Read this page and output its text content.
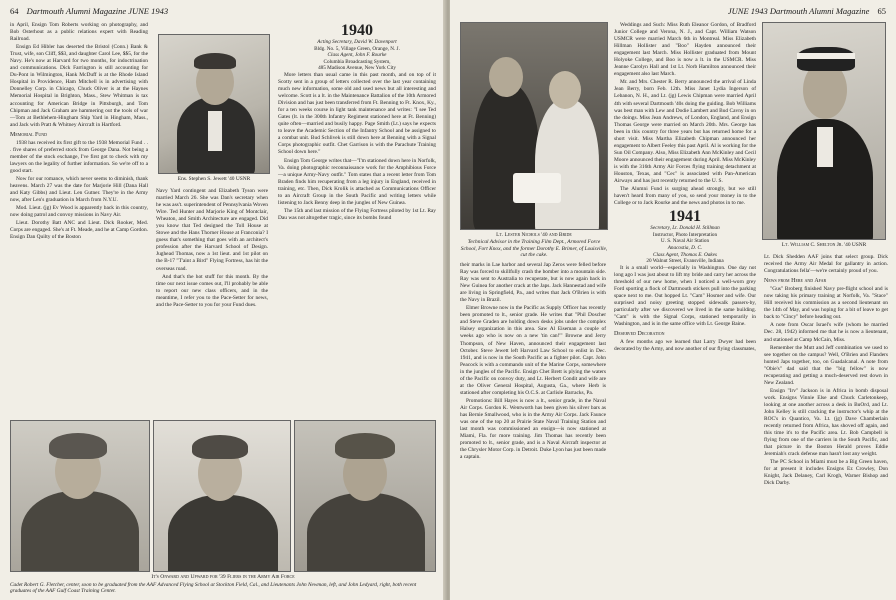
64 Dartmouth Alumni Magazine JUNE 1943

in April, Ensign Tom Roberts working on photography, and Bob Osterhout as a public relations expert with Reading Railroad.

Ensign Ed Hibler has deserted the Bristol (Conn.) Bank & Trust, wife, son Cliff, $$3, and daughter Carol Lee, $$5, for the Navy. He's now at Harvard for two months, for indoctrination and communications. Dick Farrington is still accounting for Du-Pont in Wilmington, Hank McDuff is at the Rhode Island Hospital in Providence, Ham Mitchell is in advertising with Donnelley Corp. in Chicago, Chuck Oliver is at the Haynes Memorial Hospital in Brighton, Mass., Stew Whitman is tax accounting for American Bridge in Pittsburgh, and Tom Chipman and Jack Graham are hammering out the tools of war—Tom at Bethlehem-Hingham Ship Yard in Hingham, Mass., and Jack with Pratt & Whitney Aircraft in Hartford.

Memorial Fund

1938 has received its first gift to the 1938 Memorial Fund . . . five shares of preferred stock from George Dana. Not being a member of the stock exchange, I've first got to check with my lawyers on the legality of further information. So we're off to a good start.

Now for our romance, which never seems to diminish, thank heavens. March 27 was the date for Marjorie Hill (Dana Hall and Katy Gibbs) and Lieut. Len Gutner. They're in the Army now, after Len's graduation in March from N.Y.U.

Mod. Lieut. (jg) Ev Wood is apparently back in this country, now doing patrol and convoy missions in Navy Air.

Lieut. Dorothy Batt ANC and Lieut. Dick Rooker, Med. Corps are engaged. She's at Ft. Meade, and he at Camp Gordon. Ensign Dan Quilty of the Boston

Ens. Stephen S. Jewett '40 USNR

Navy Yard contingent and Elizabeth Tyson were married March 26. She was Dan's secretary when he was ass't. superintendent of Pennsylvania Woven Wire. Ted Hunter and Marjorie King of Montclair, Wheaton, and Smith Architecture are engaged. Did you know that Ted designed the Toll House at Stowe and the Hans Thorner House at Franconia? I guess that's something that goes with an architect's profession after the Harvard School of Design. Jughead Thomas, now a 1st lieut. and 1st pilot on the B-17 "T'aint a Bird" Flying Fortress, has hit the overseas road.

And that's the hot stuff for this month. By the time our next issue comes out, I'll probably be able to report our new class officers, and in the meantime, I refer you to the Pace-Setter for news, and the Pace-Setter to you for your Fund dues.

1940
Acting Secretary, David W. Davenport
Bldg. No. 5, Village Green, Orange, N. J.
Class Agent, John F. Rourke
Columbia Broadcasting System,
485 Madison Avenue, New York City

More letters than usual came in this past month, and on top of it Scotty sent in a group of letters collected over the last year containing much new information, some old and used news but all interesting and welcome. Scott is a lt. in the Maintenance Battalion of the 10th Armored Division and has just been transferred from Ft. Benning to Ft. Knox, Ky., for a ten weeks course in light tank maintenance and writes: "I see Ted Gates (lt. in the 300th Infantry Regiment stationed here at Ft. Benning) quite often—married and busily happy. Page Smith (Lt.) says he expects to leave the Academic Section of the Infantry School and be assigned to a combat unit. Bud Schlivek is still down here at Benning with a Signal Corps photographic outfit. Chet Garrison is with the Parachute Training School down here."

Ensign Tom George writes that—"I'm stationed down here in Norfolk, Va. doing photographic reconnaissance work for the Amphibious Force—a unique Army-Navy outfit." Tom states that a recent letter from Tom Braden finds him recuperating from a leg injury in England, received in training, etc. Then, Dick Krolik is attached as Communications Officer to an Aircraft Group in the South Pacific and writing letters while listening to Jack Benny deep in the jungles of New Guinea.

The 15th and last mission of the Flying Fortress piloted by 1st Lt. Ray Dau was not altogether tragic, since its bombs found

It's Onward and Upward for '39 Fliers in the Army Air Force
Cadet Robert G. Fletcher, center, soon to be graduated from the AAF Advanced Flying School at Stockton Field, Cal., and Lieutenants John Newman, left, and John Ledyard, right, both recent graduates of the AAF Gulf Coast Training Center.
JUNE 1943 Dartmouth Alumni Magazine 65
Lt. Lester Nichols '40 and Bride
Technical Advisor in the Training Film Dept., Armored Force School, Fort Knox, and the former Dorothy E. Brimer, of Louisville, cut the cake.

their marks in Lae harbor and several Jap Zeros were felled before Ray was forced to skillfully crash the bomber into a mountain side. Ray was sent to Australia to recuperate, but is now again back in New Guinea for another crack at the Japs. Jack Hannestad and wife are living in Springfield, Pa., and writes that Jack O'Brien is with the Navy in Brazil.

Elmer Browne now in the Pacific as Supply Officer has recently been promoted to lt., senior grade. He writes that "Phil Doscher and Steve Graden are holding down desks jobs under the complex Halsey organization in this area. Saw Al Eiseman a couple of weeks ago who is now on a new 'tin can!'" Browne and Jerry Thompson, of New Haven, announced their engagement last October. Steve Jewett left Harvard Law School to enlist in Dec. 1941, and is now in the South Pacific as a fighter pilot. Capt. John Peacock is with a commando unit of the Marine Corps, somewhere in the jungles of the Pacific. Ensign Chet Brett is plying the waters of the Pacific on convoy duty, and Lt. Herbert Condit and wife are at the Oliver General Hospital, Augusta, Ga., where Herb is stationed after completing his O.C.S. at Carlisle Barracks, Pa.

Promotions: Bill Hayes is now a lt., senior grade, in the Naval Air Corps. Gordon K. Wentworth has been given his silver bars as has Bernie Smallwood, who is in the Army Air Corps. Jack Faunce was one of the top 20 at Prairie State Naval Training Station and last month was commissioned an ensign—is now stationed at Miami, Fla. for more training. Jim Thomas has recently been promoted to lt., senior grade, and is a Naval Aircraft inspector at the Chrysler Motor Corp. in Detroit. Duke Lyon has just been made a captain.

Weddings and Such: Miss Ruth Eleanor Gordon, of Bradford Junior College and Verona, N. J., and Capt. William Watson USMCR were married March 6th in Montreal. Miss Elizabeth Hillman Hollister and "Boo" Hayden announced their engagement last March. Miss Hollister graduated from Mount Holyoke College, and Boo is now a lt. in the USMCR. Miss Jeanne Carolyn Hall and 1st Lt. Norb Hamilton announced their engagement also last March.

Mr. and Mrs. Chester R. Berry announced the arrival of Linda Jean Berry, born Feb. 12th. Miss Janet Lydia Ingerson of Lebanon, N. H., and Lt. (jg) Lewis Chipman were married April 4th with several Dartmouth '40s doing the guiding. Bob Williams was best man with Lew and Dodie Lambert and Bud Cavny in on the doings. Miss Jean Andrews, of London, England, and Ensign Thomas George were married on March 20th. Mrs. George has been in this country for three years but has returned home for a short visit. Miss Martha Elizabeth Chipman announced her engagement to Albert Feeley this past April. Al is working for the Sun Oil Company. Also, Miss Elizabeth Ann McKinley and Cecil Moore announced their engagement during April. Miss McKinley is with the 316th Army Air Forces flying training detachment at Houston, Texas, and "Cec" is associated with Pan-American Airways and has just recently returned to the U. S.

The Alumni Fund is surging ahead strongly, but we still haven't heard from many of you, so send your money in to the College or to Jack Rourke and the news and photos in to me.

1941
Secretary, Lt. Donald H. Stillman
Instructor, Photo Interpretation
U. S. Naval Air Station
Anacostia, D. C.
Class Agent, Thomas E. Oakes
20 Walnut Street, Evansville, Indiana

It is a small world—especially in Washington. One day not long ago I was just about to lift my bride and carry her across the threshold of our new home, when I noticed a well-worn grey Ford sporting a flock of Dartmouth stickers pull into the parking space next to me. Out hopped Lt. "Cam" Hosmer and wife. Our surprised and noisy greeting stopped sidewalk passers-by, particularly after we discovered we lived in the same building. "Cam" is with the Signal Corps, stationed temporarily in Washington, and is in the same office with Lt. George Baine.

Deserved Decoration

A few months ago we learned that Larry Dwyer had been decorated by the Army, and now another of our flying classmates,

Lt. William C. Shelton Jr. '40 USNR

Lt. Dick Shedden AAF joins that select group. Dick received the Army Air Medal for gallantry in action. Congratulations fella'—we're certainly proud of you.

News from Here and Afar

"Gus" Broberg finished Navy pre-flight school and is now taking his primary training at Norfolk, Va. "Stace" Hill received his commission as a second lieutenant on the 14th of May, and was hoping for a bit of leave to get back to "Cincy" before heading out.

A note from Oscar Israel's wife (whom he married Dec. 28, 1942) informed me that he is now a lieutenant, and stationed at Camp McCain, Miss.

Remember the Mutt and Jeff combination we used to see together on the campus? Well, O'Brien and Flanders hunted Japs together, too, on Guadalcanal. A note from "Obie's" dad said that the "big fellow" is now recuperating and getting a much-deserved rest down in New Zealand.

Ensign "Irv" Jackson is in Africa in bomb disposal work. Ensigns Vinnie Else and Chuck Carletonkeep, looking at one another across a desk in BuOrd, and Lt. John Kelley is still cracking the instructor's whip at the ROC's in Quantico, Va. Lt. (jg) Dave Chamberlain recently returned from Africa, has shoved off again, and this time it's to the Pacific area. Lt. Bob Campbell is flying from one of the carriers in the South Pacific, and that picture in the Boston Herald proves Eddie Jeremiah's crack defense man hasn't lost any weight.

The PC School in Miami must be a Big Green haven, for at present it includes Ensigns Ez Crowley, Don Knight, Jack Delaney, Carl Krogh, Warner Bishop and Dick Darby.
